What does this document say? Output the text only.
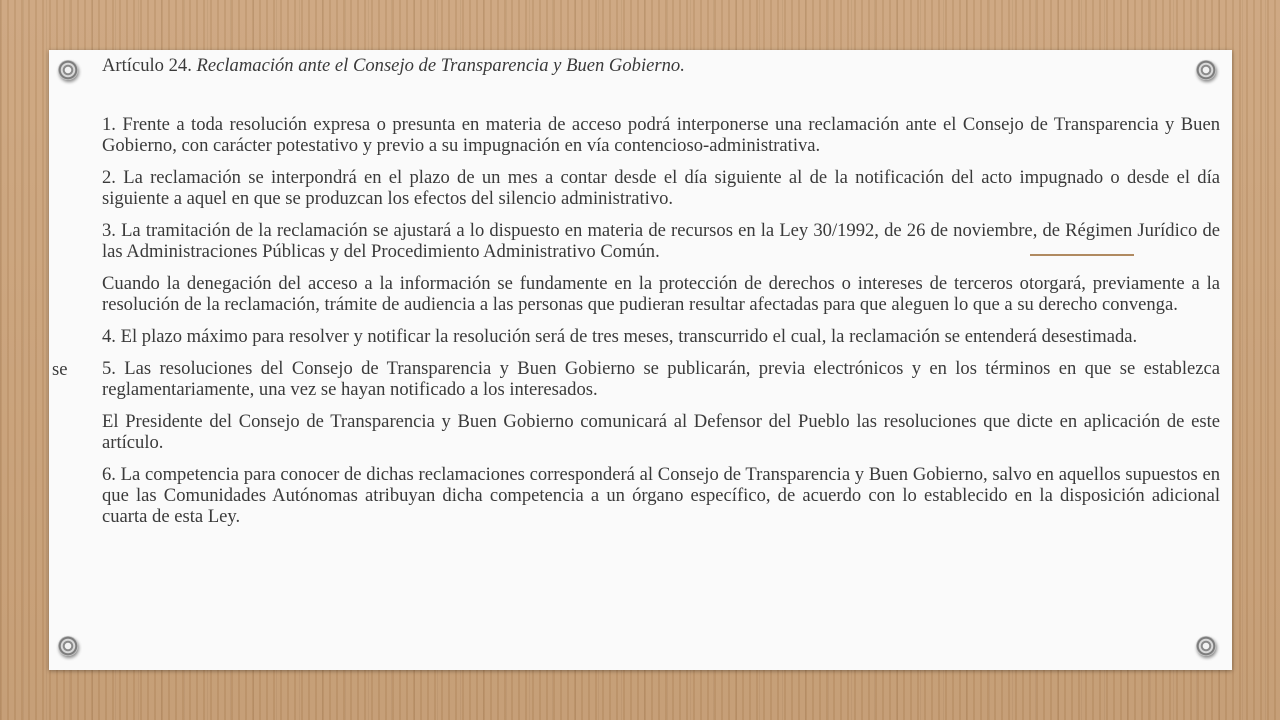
Artículo 24. Reclamación ante el Consejo de Transparencia y Buen Gobierno.

1. Frente a toda resolución expresa o presunta en materia de acceso podrá interponerse una reclamación ante el Consejo de Transparencia y Buen Gobierno, con carácter potestativo y previo a su impugnación en vía contencioso-administrativa.

2. La reclamación se interpondrá en el plazo de un mes a contar desde el día siguiente al de la notificación del acto impugnado o desde el día siguiente a aquel en que se produzcan los efectos del silencio administrativo.

3. La tramitación de la reclamación se ajustará a lo dispuesto en materia de recursos en la Ley 30/1992, de 26 de noviembre, de Régimen Jurídico de las Administraciones Públicas y del Procedimiento Administrativo Común.

Cuando la denegación del acceso a la información se fundamente en la protección de derechos o intereses de terceros otorgará, previamente a la resolución de la reclamación, trámite de audiencia a las personas que pudieran resultar afectadas para que aleguen lo que a su derecho convenga.

4. El plazo máximo para resolver y notificar la resolución será de tres meses, transcurrido el cual, la reclamación se entenderá desestimada.

5. Las resoluciones del Consejo de Transparencia y Buen Gobierno se publicarán, previa electrónicos y en los términos en que se establezca reglamentariamente, una vez se hayan notificado a los interesados.

El Presidente del Consejo de Transparencia y Buen Gobierno comunicará al Defensor del Pueblo las resoluciones que dicte en aplicación de este artículo.

6. La competencia para conocer de dichas reclamaciones corresponderá al Consejo de Transparencia y Buen Gobierno, salvo en aquellos supuestos en que las Comunidades Autónomas atribuyan dicha competencia a un órgano específico, de acuerdo con lo establecido en la disposición adicional cuarta de esta Ley.

se
